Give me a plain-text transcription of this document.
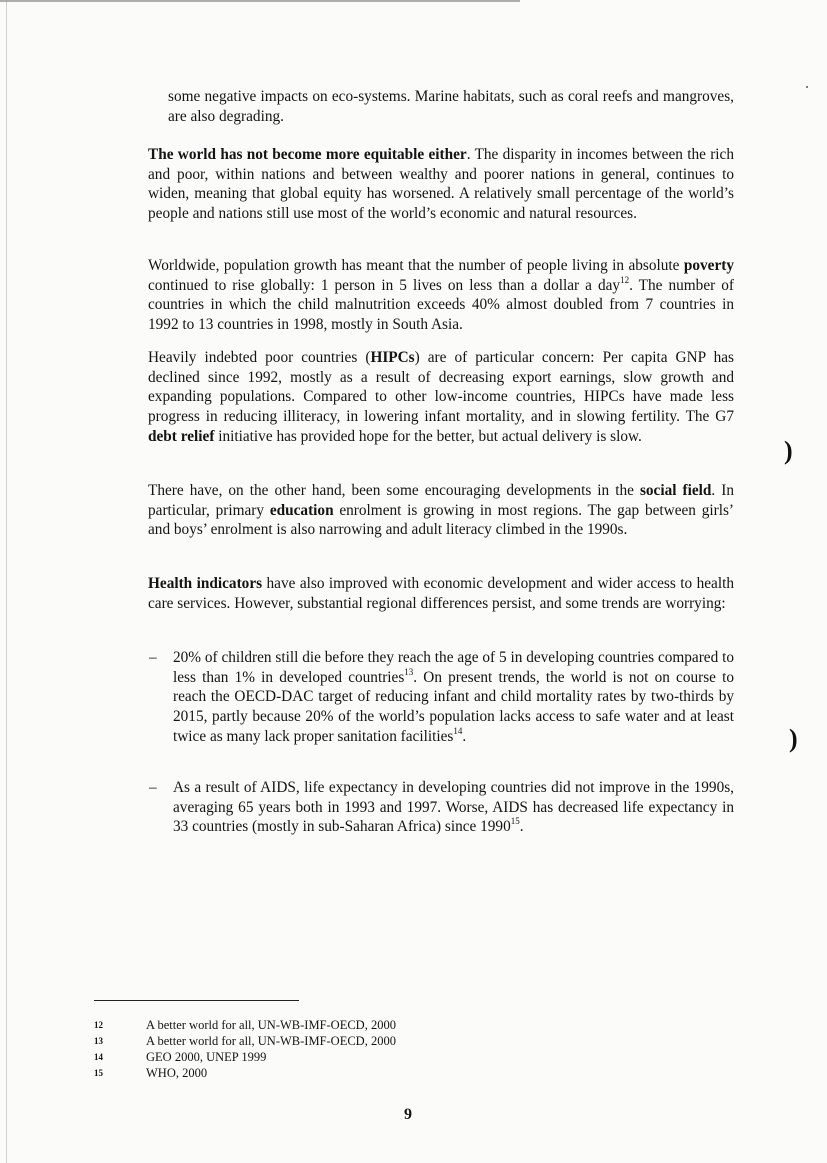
some negative impacts on eco-systems. Marine habitats, such as coral reefs and mangroves, are also degrading.

The world has not become more equitable either. The disparity in incomes between the rich and poor, within nations and between wealthy and poorer nations in general, continues to widen, meaning that global equity has worsened. A relatively small percentage of the world’s people and nations still use most of the world’s economic and natural resources.

Worldwide, population growth has meant that the number of people living in absolute poverty continued to rise globally: 1 person in 5 lives on less than a dollar a day$^{12}$. The number of countries in which the child malnutrition exceeds 40% almost doubled from 7 countries in 1992 to 13 countries in 1998, mostly in South Asia.

Heavily indebted poor countries (HIPCs) are of particular concern: Per capita GNP has declined since 1992, mostly as a result of decreasing export earnings, slow growth and expanding populations. Compared to other low-income countries, HIPCs have made less progress in reducing illiteracy, in lowering infant mortality, and in slowing fertility. The G7 debt relief initiative has provided hope for the better, but actual delivery is slow.

There have, on the other hand, been some encouraging developments in the social field. In particular, primary education enrolment is growing in most regions. The gap between girls’ and boys’ enrolment is also narrowing and adult literacy climbed in the 1990s.

Health indicators have also improved with economic development and wider access to health care services. However, substantial regional differences persist, and some trends are worrying:

– 20% of children still die before they reach the age of 5 in developing countries compared to less than 1% in developed countries$^{13}$. On present trends, the world is not on course to reach the OECD-DAC target of reducing infant and child mortality rates by two-thirds by 2015, partly because 20% of the world’s population lacks access to safe water and at least twice as many lack proper sanitation facilities$^{14}$.
– As a result of AIDS, life expectancy in developing countries did not improve in the 1990s, averaging 65 years both in 1993 and 1997. Worse, AIDS has decreased life expectancy in 33 countries (mostly in sub-Saharan Africa) since 1990$^{15}$.
)
)
12	A better world for all, UN-WB-IMF-OECD, 2000
13	A better world for all, UN-WB-IMF-OECD, 2000
14	GEO 2000, UNEP 1999
15	WHO, 2000
9
